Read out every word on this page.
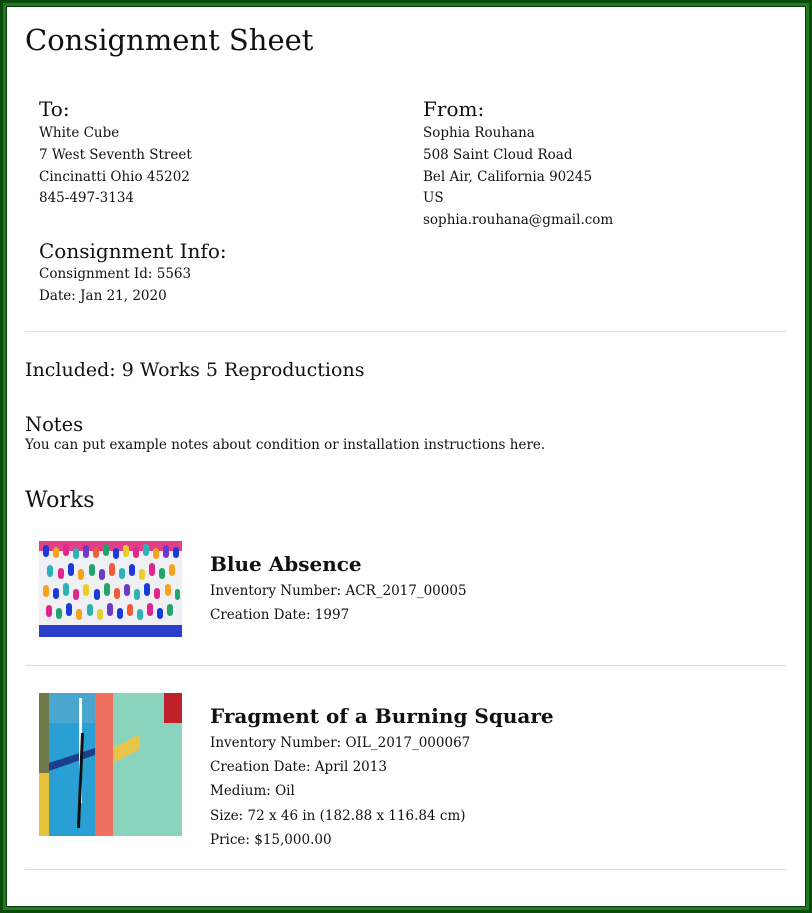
Consignment Sheet
To:
White Cube
7 West Seventh Street
Cincinatti Ohio 45202
845-497-3134
From:
Sophia Rouhana
508 Saint Cloud Road
Bel Air, California 90245
US
sophia.rouhana@gmail.com
Consignment Info:
Consignment Id: 5563
Date: Jan 21, 2020
Included: 9 Works 5 Reproductions
Notes
You can put example notes about condition or installation instructions here.
Works
Blue Absence
Inventory Number: ACR_2017_00005
Creation Date: 1997
Fragment of a Burning Square
Inventory Number: OIL_2017_000067
Creation Date: April 2013
Medium: Oil
Size: 72 x 46 in (182.88 x 116.84 cm)
Price: $15,000.00
